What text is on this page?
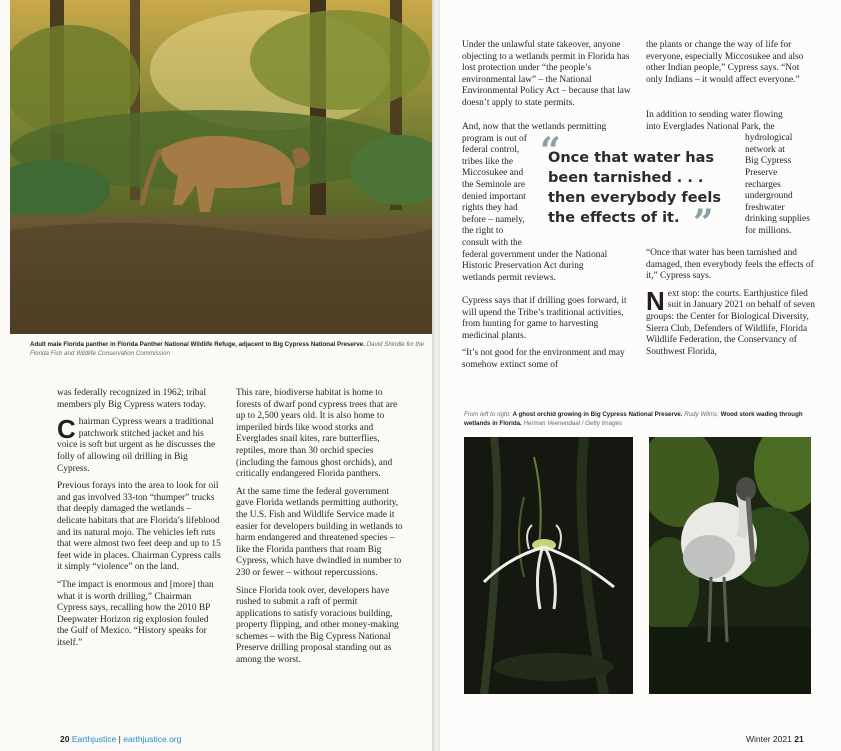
Adult male Florida panther in Florida Panther National Wildlife Refuge, adjacent to Big Cypress National Preserve. David Shindle for the Florida Fish and Wildlife Conservation Commission

was federally recognized in 1962; tribal members ply Big Cypress waters today.

Chairman Cypress wears a traditional patchwork stitched jacket and his voice is soft but urgent as he discusses the folly of allowing oil drilling in Big Cypress.

Previous forays into the area to look for oil and gas involved 33-ton “thumper” trucks that deeply damaged the wetlands – delicate habitats that are Florida’s lifeblood and its natural mojo. The vehicles left ruts that were almost two feet deep and up to 15 feet wide in places. Chairman Cypress calls it simply “violence” on the land.

“The impact is enormous and [more] than what it is worth drilling,” Chairman Cypress says, recalling how the 2010 BP Deepwater Horizon rig explosion fouled the Gulf of Mexico. “History speaks for itself.”

This rare, biodiverse habitat is home to forests of dwarf pond cypress trees that are up to 2,500 years old. It is also home to imperiled birds like wood storks and Everglades snail kites, rare butterflies, reptiles, more than 30 orchid species (including the famous ghost orchids), and critically endangered Florida panthers.

At the same time the federal government gave Florida wetlands permitting authority, the U.S. Fish and Wildlife Service made it easier for developers building in wetlands to harm endangered and threatened species – like the Florida panthers that roam Big Cypress, which have dwindled in number to 230 or fewer – without repercussions.

Since Florida took over, developers have rushed to submit a raft of permit applications to satisfy voracious building, property flipping, and other money-making schemes – with the Big Cypress National Preserve drilling proposal standing out as among the worst.

20 Earthjustice | earthjustice.org

Under the unlawful state takeover, anyone objecting to a wetlands permit in Florida has lost protection under “the people’s environmental law” – the National Environmental Policy Act – because that law doesn’t apply to state permits.

And, now that the wetlands permitting
program is out of
federal control,
tribes like the
Miccosukee and
the Seminole are
denied important
rights they had
before – namely,
the right to
consult with the
federal government under the National
Historic Preservation Act during
wetlands permit reviews.

Cypress says that if drilling goes forward, it will upend the Tribe’s traditional activities, from hunting for game to harvesting medicinal plants.

“It’s not good for the environment and may somehow extinct some of

the plants or change the way of life for everyone, especially Miccosukee and also other Indian people,” Cypress says. “Not only Indians – it would affect everyone.”

In addition to sending water flowing
into Everglades National Park, the
hydrological
network at
Big Cypress
Preserve
recharges
underground
freshwater
drinking supplies
for millions.

“Once that water has been tarnished and damaged, then everybody feels the effects of it,” Cypress says.

Next stop: the courts. Earthjustice filed suit in January 2021 on behalf of seven groups: the Center for Biological Diversity, Sierra Club, Defenders of Wildlife, Florida Wildlife Federation, the Conservancy of Southwest Florida,

“
Once that water has
been tarnished . . .
then everybody feels
the effects of it. ”
From left to right: A ghost orchid growing in Big Cypress National Preserve. Rudy Wilms; Wood stork wading through wetlands in Florida. Herman Veenendaal / Getty Images
Winter 2021 21
